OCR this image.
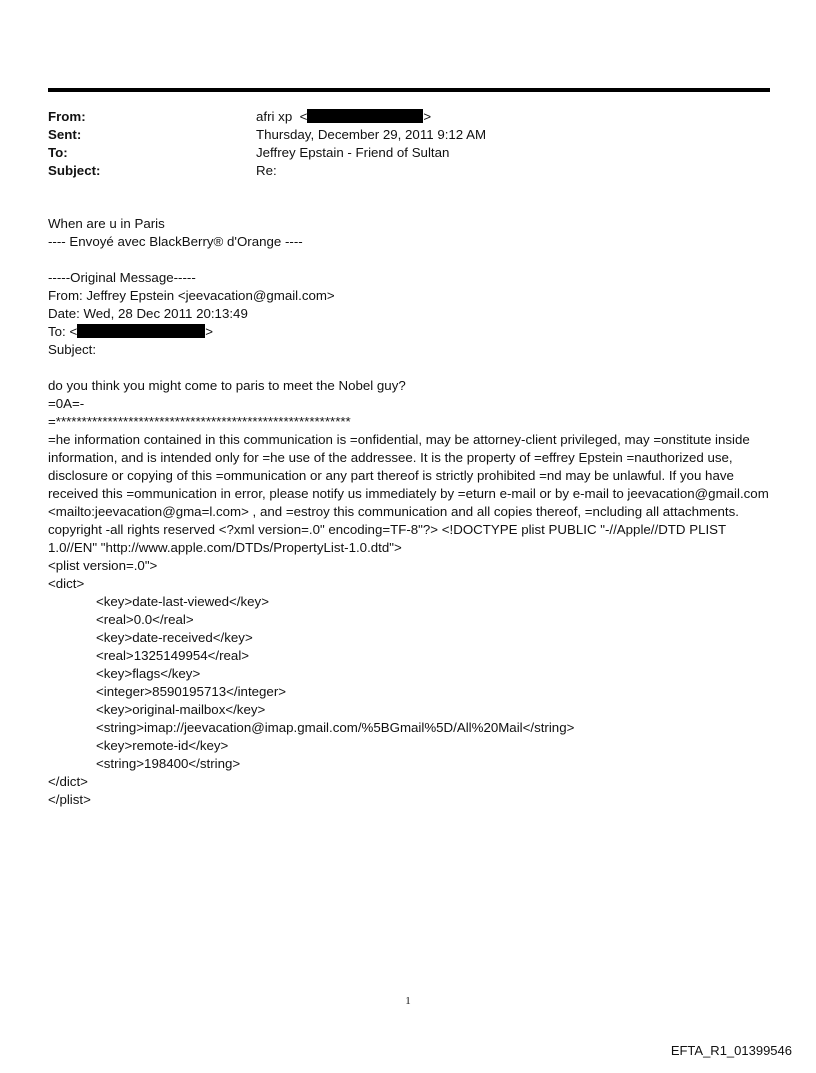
From:	afri xp  <	>
Sent:	Thursday, December 29, 2011 9:12 AM
To:	Jeffrey Epstain - Friend of Sultan
Subject:	Re:
When are u in Paris
---- Envoyé avec BlackBerry® d'Orange ----
-----Original Message-----
From: Jeffrey Epstein <jeevacation@gmail.com>
Date: Wed, 28 Dec 2011 20:13:49
To: <	>
Subject:
do you think you might come to paris to meet the Nobel guy?
=0A=-
=*********************************************************
=he information contained in this communication is =onfidential, may be attorney-client privileged, may =onstitute inside information, and is intended only for =he use of the addressee. It is the property of =effrey Epstein =nauthorized use, disclosure or copying of this =ommunication or any part thereof is strictly prohibited =nd may be unlawful. If you have received this =ommunication in error, please notify us immediately by =eturn e-mail or by e-mail to jeevacation@gmail.com <mailto:jeevacation@gma=l.com> , and =estroy this communication and all copies thereof, =ncluding all attachments. copyright -all rights reserved <?xml version=.0" encoding=TF-8"?> <!DOCTYPE plist PUBLIC "-//Apple//DTD PLIST 1.0//EN" "http://www.apple.com/DTDs/PropertyList-1.0.dtd">
<plist version=.0">
<dict>
<key>date-last-viewed</key>
<real>0.0</real>
<key>date-received</key>
<real>1325149954</real>
<key>flags</key>
<integer>8590195713</integer>
<key>original-mailbox</key>
<string>imap://jeevacation@imap.gmail.com/%5BGmail%5D/All%20Mail</string>
<key>remote-id</key>
<string>198400</string>
</dict>
</plist>
1
EFTA_R1_01399546
